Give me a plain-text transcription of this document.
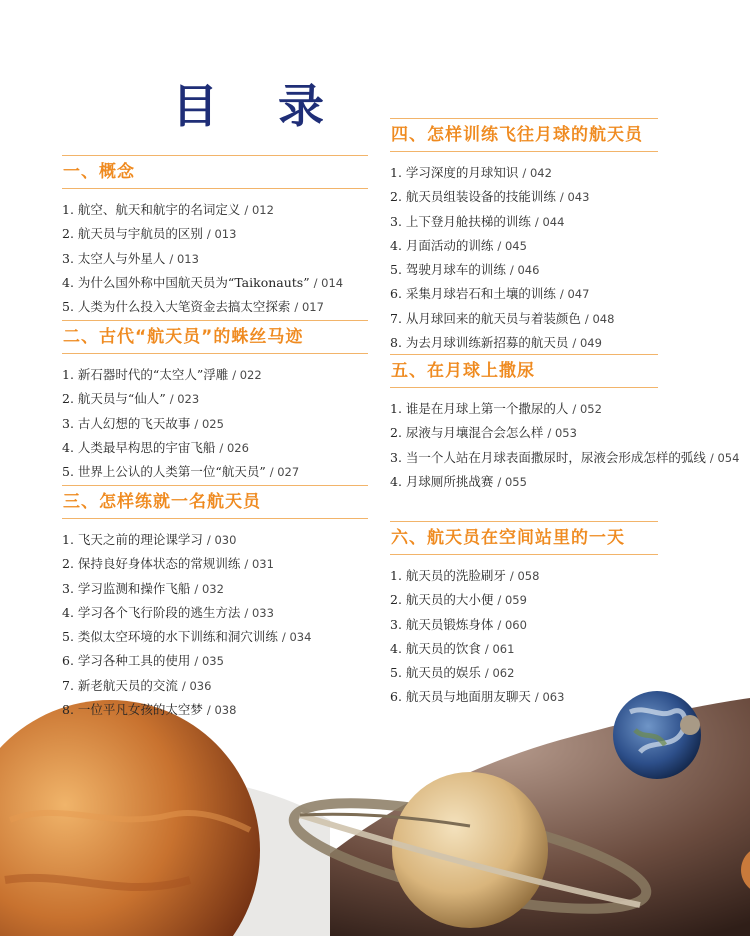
目 录
一、概念
1. 航空、航天和航宇的名词定义 / 012
2. 航天员与宇航员的区别 / 013
3. 太空人与外星人 / 013
4. 为什么国外称中国航天员为“Taikonauts” / 014
5. 人类为什么投入大笔资金去搞太空探索 / 017
二、古代“航天员”的蛛丝马迹
1. 新石器时代的“太空人”浮雕 / 022
2. 航天员与“仙人” / 023
3. 古人幻想的飞天故事 / 025
4. 人类最早构思的宇宙飞船 / 026
5. 世界上公认的人类第一位“航天员” / 027
三、怎样练就一名航天员
1. 飞天之前的理论课学习 / 030
2. 保持良好身体状态的常规训练 / 031
3. 学习监测和操作飞船 / 032
4. 学习各个飞行阶段的逃生方法 / 033
5. 类似太空环境的水下训练和洞穴训练 / 034
6. 学习各种工具的使用 / 035
7. 新老航天员的交流 / 036
8. 一位平凡女孩的太空梦 / 038
四、怎样训练飞往月球的航天员
1. 学习深度的月球知识 / 042
2. 航天员组装设备的技能训练 / 043
3. 上下登月舱扶梯的训练 / 044
4. 月面活动的训练 / 045
5. 驾驶月球车的训练 / 046
6. 采集月球岩石和土壤的训练 / 047
7. 从月球回来的航天员与着装颜色 / 048
8. 为去月球训练新招募的航天员 / 049
五、在月球上撒尿
1. 谁是在月球上第一个撒尿的人 / 052
2. 尿液与月壤混合会怎么样 / 053
3. 当一个人站在月球表面撒尿时，尿液会形成怎样的弧线 / 054
4. 月球厕所挑战赛 / 055
六、航天员在空间站里的一天
1. 航天员的洗脸刷牙 / 058
2. 航天员的大小便 / 059
3. 航天员锻炼身体 / 060
4. 航天员的饮食 / 061
5. 航天员的娱乐 / 062
6. 航天员与地面朋友聊天 / 063
